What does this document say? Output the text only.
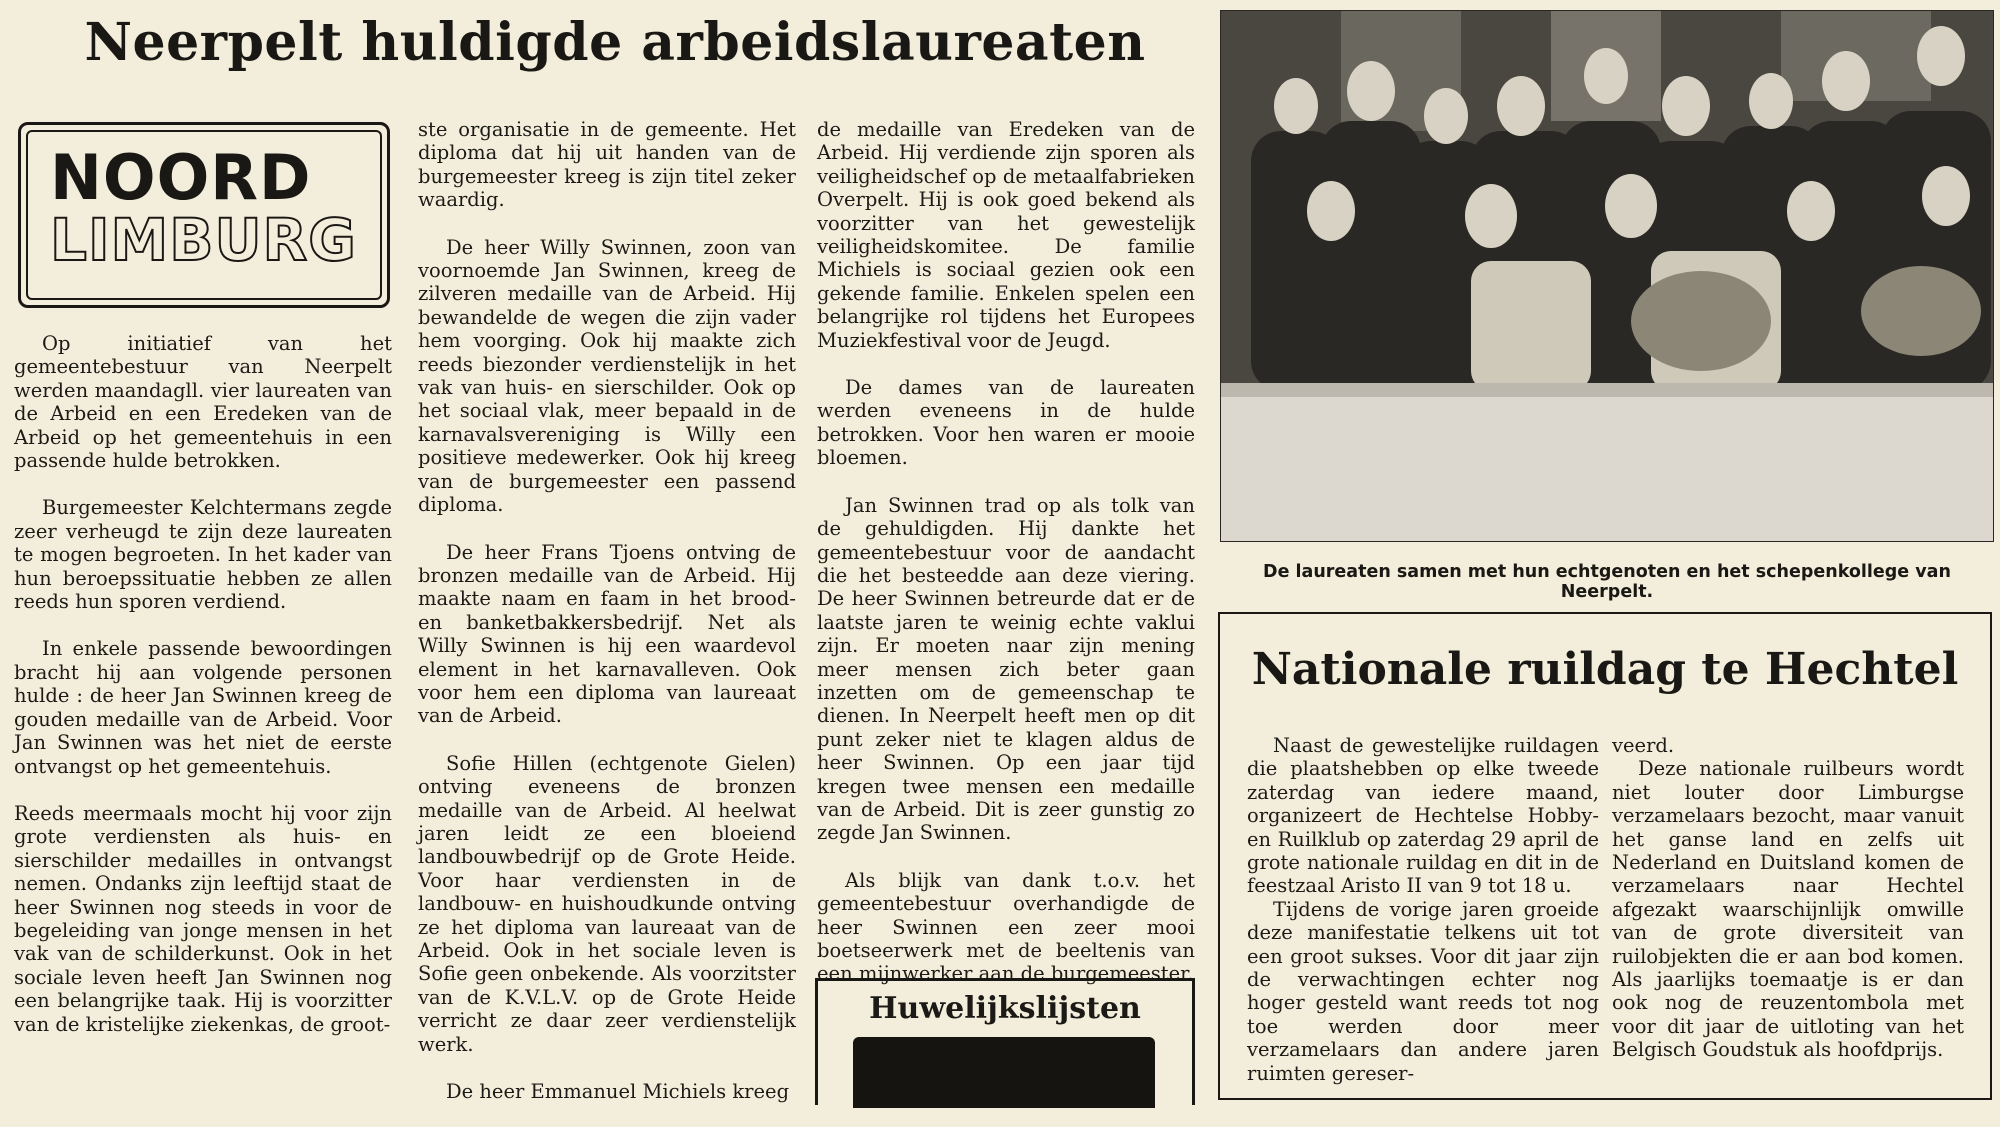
Neerpelt huldigde arbeidslaureaten
NOORD
LIMBURG

Op initiatief van het gemeentebestuur van Neerpelt werden maandagll. vier laureaten van de Arbeid en een Eredeken van de Arbeid op het gemeentehuis in een passende hulde betrokken.

Burgemeester Kelchtermans zegde zeer verheugd te zijn deze laureaten te mogen begroeten. In het kader van hun beroepssituatie hebben ze allen reeds hun sporen verdiend.

In enkele passende bewoordingen bracht hij aan volgende personen hulde : de heer Jan Swinnen kreeg de gouden medaille van de Arbeid. Voor Jan Swinnen was het niet de eerste ontvangst op het gemeentehuis.

Reeds meermaals mocht hij voor zijn grote verdiensten als huis- en sierschilder medailles in ontvangst nemen. Ondanks zijn leeftijd staat de heer Swinnen nog steeds in voor de begeleiding van jonge mensen in het vak van de schilderkunst. Ook in het sociale leven heeft Jan Swinnen nog een belangrijke taak. Hij is voorzitter van de kristelijke ziekenkas, de groot-

ste organisatie in de gemeente. Het diploma dat hij uit handen van de burgemeester kreeg is zijn titel zeker waardig.

De heer Willy Swinnen, zoon van voornoemde Jan Swinnen, kreeg de zilveren medaille van de Arbeid. Hij bewandelde de wegen die zijn vader hem voorging. Ook hij maakte zich reeds biezonder verdienstelijk in het vak van huis- en sierschilder. Ook op het sociaal vlak, meer bepaald in de karnavalsvereniging is Willy een positieve medewerker. Ook hij kreeg van de burgemeester een passend diploma.

De heer Frans Tjoens ontving de bronzen medaille van de Arbeid. Hij maakte naam en faam in het brood- en banketbakkersbedrijf. Net als Willy Swinnen is hij een waardevol element in het karnavalleven. Ook voor hem een diploma van laureaat van de Arbeid.

Sofie Hillen (echtgenote Gielen) ontving eveneens de bronzen medaille van de Arbeid. Al heelwat jaren leidt ze een bloeiend landbouwbedrijf op de Grote Heide. Voor haar verdiensten in de landbouw- en huishoudkunde ontving ze het diploma van laureaat van de Arbeid. Ook in het sociale leven is Sofie geen onbekende. Als voorzitster van de K.V.L.V. op de Grote Heide verricht ze daar zeer verdienstelijk werk.

De heer Emmanuel Michiels kreeg

de medaille van Eredeken van de Arbeid. Hij verdiende zijn sporen als veiligheidschef op de metaalfabrieken Overpelt. Hij is ook goed bekend als voorzitter van het gewestelijk veiligheidskomitee. De familie Michiels is sociaal gezien ook een gekende familie. Enkelen spelen een belangrijke rol tijdens het Europees Muziekfestival voor de Jeugd.

De dames van de laureaten werden eveneens in de hulde betrokken. Voor hen waren er mooie bloemen.

Jan Swinnen trad op als tolk van de gehuldigden. Hij dankte het gemeentebestuur voor de aandacht die het besteedde aan deze viering. De heer Swinnen betreurde dat er de laatste jaren te weinig echte vaklui zijn. Er moeten naar zijn mening meer mensen zich beter gaan inzetten om de gemeenschap te dienen. In Neerpelt heeft men op dit punt zeker niet te klagen aldus de heer Swinnen. Op een jaar tijd kregen twee mensen een medaille van de Arbeid. Dit is zeer gunstig zo zegde Jan Swinnen.

Als blijk van dank t.o.v. het gemeentebestuur overhandigde de heer Swinnen een zeer mooi boetseerwerk met de beeltenis van een mijnwerker aan de burgemeester.

De laureaten samen met hun echtgenoten en het schepenkollege van Neerpelt.
Nationale ruildag te Hechtel

Naast de gewestelijke ruildagen die plaatshebben op elke tweede zaterdag van iedere maand, organizeert de Hechtelse Hobby- en Ruilklub op zaterdag 29 april de grote nationale ruildag en dit in de feestzaal Aristo II van 9 tot 18 u.

Tijdens de vorige jaren groeide deze manifestatie telkens uit tot een groot sukses. Voor dit jaar zijn de verwachtingen echter nog hoger gesteld want reeds tot nog toe werden door meer verzamelaars dan andere jaren ruimten gereser-

veerd.

Deze nationale ruilbeurs wordt niet louter door Limburgse verzamelaars bezocht, maar vanuit het ganse land en zelfs uit Nederland en Duitsland komen de verzamelaars naar Hechtel afgezakt waarschijnlijk omwille van de grote diversiteit van ruilobjekten die er aan bod komen. Als jaarlijks toemaatje is er dan ook nog de reuzentombola met voor dit jaar de uitloting van het Belgisch Goudstuk als hoofdprijs.

Huwelijkslijsten
